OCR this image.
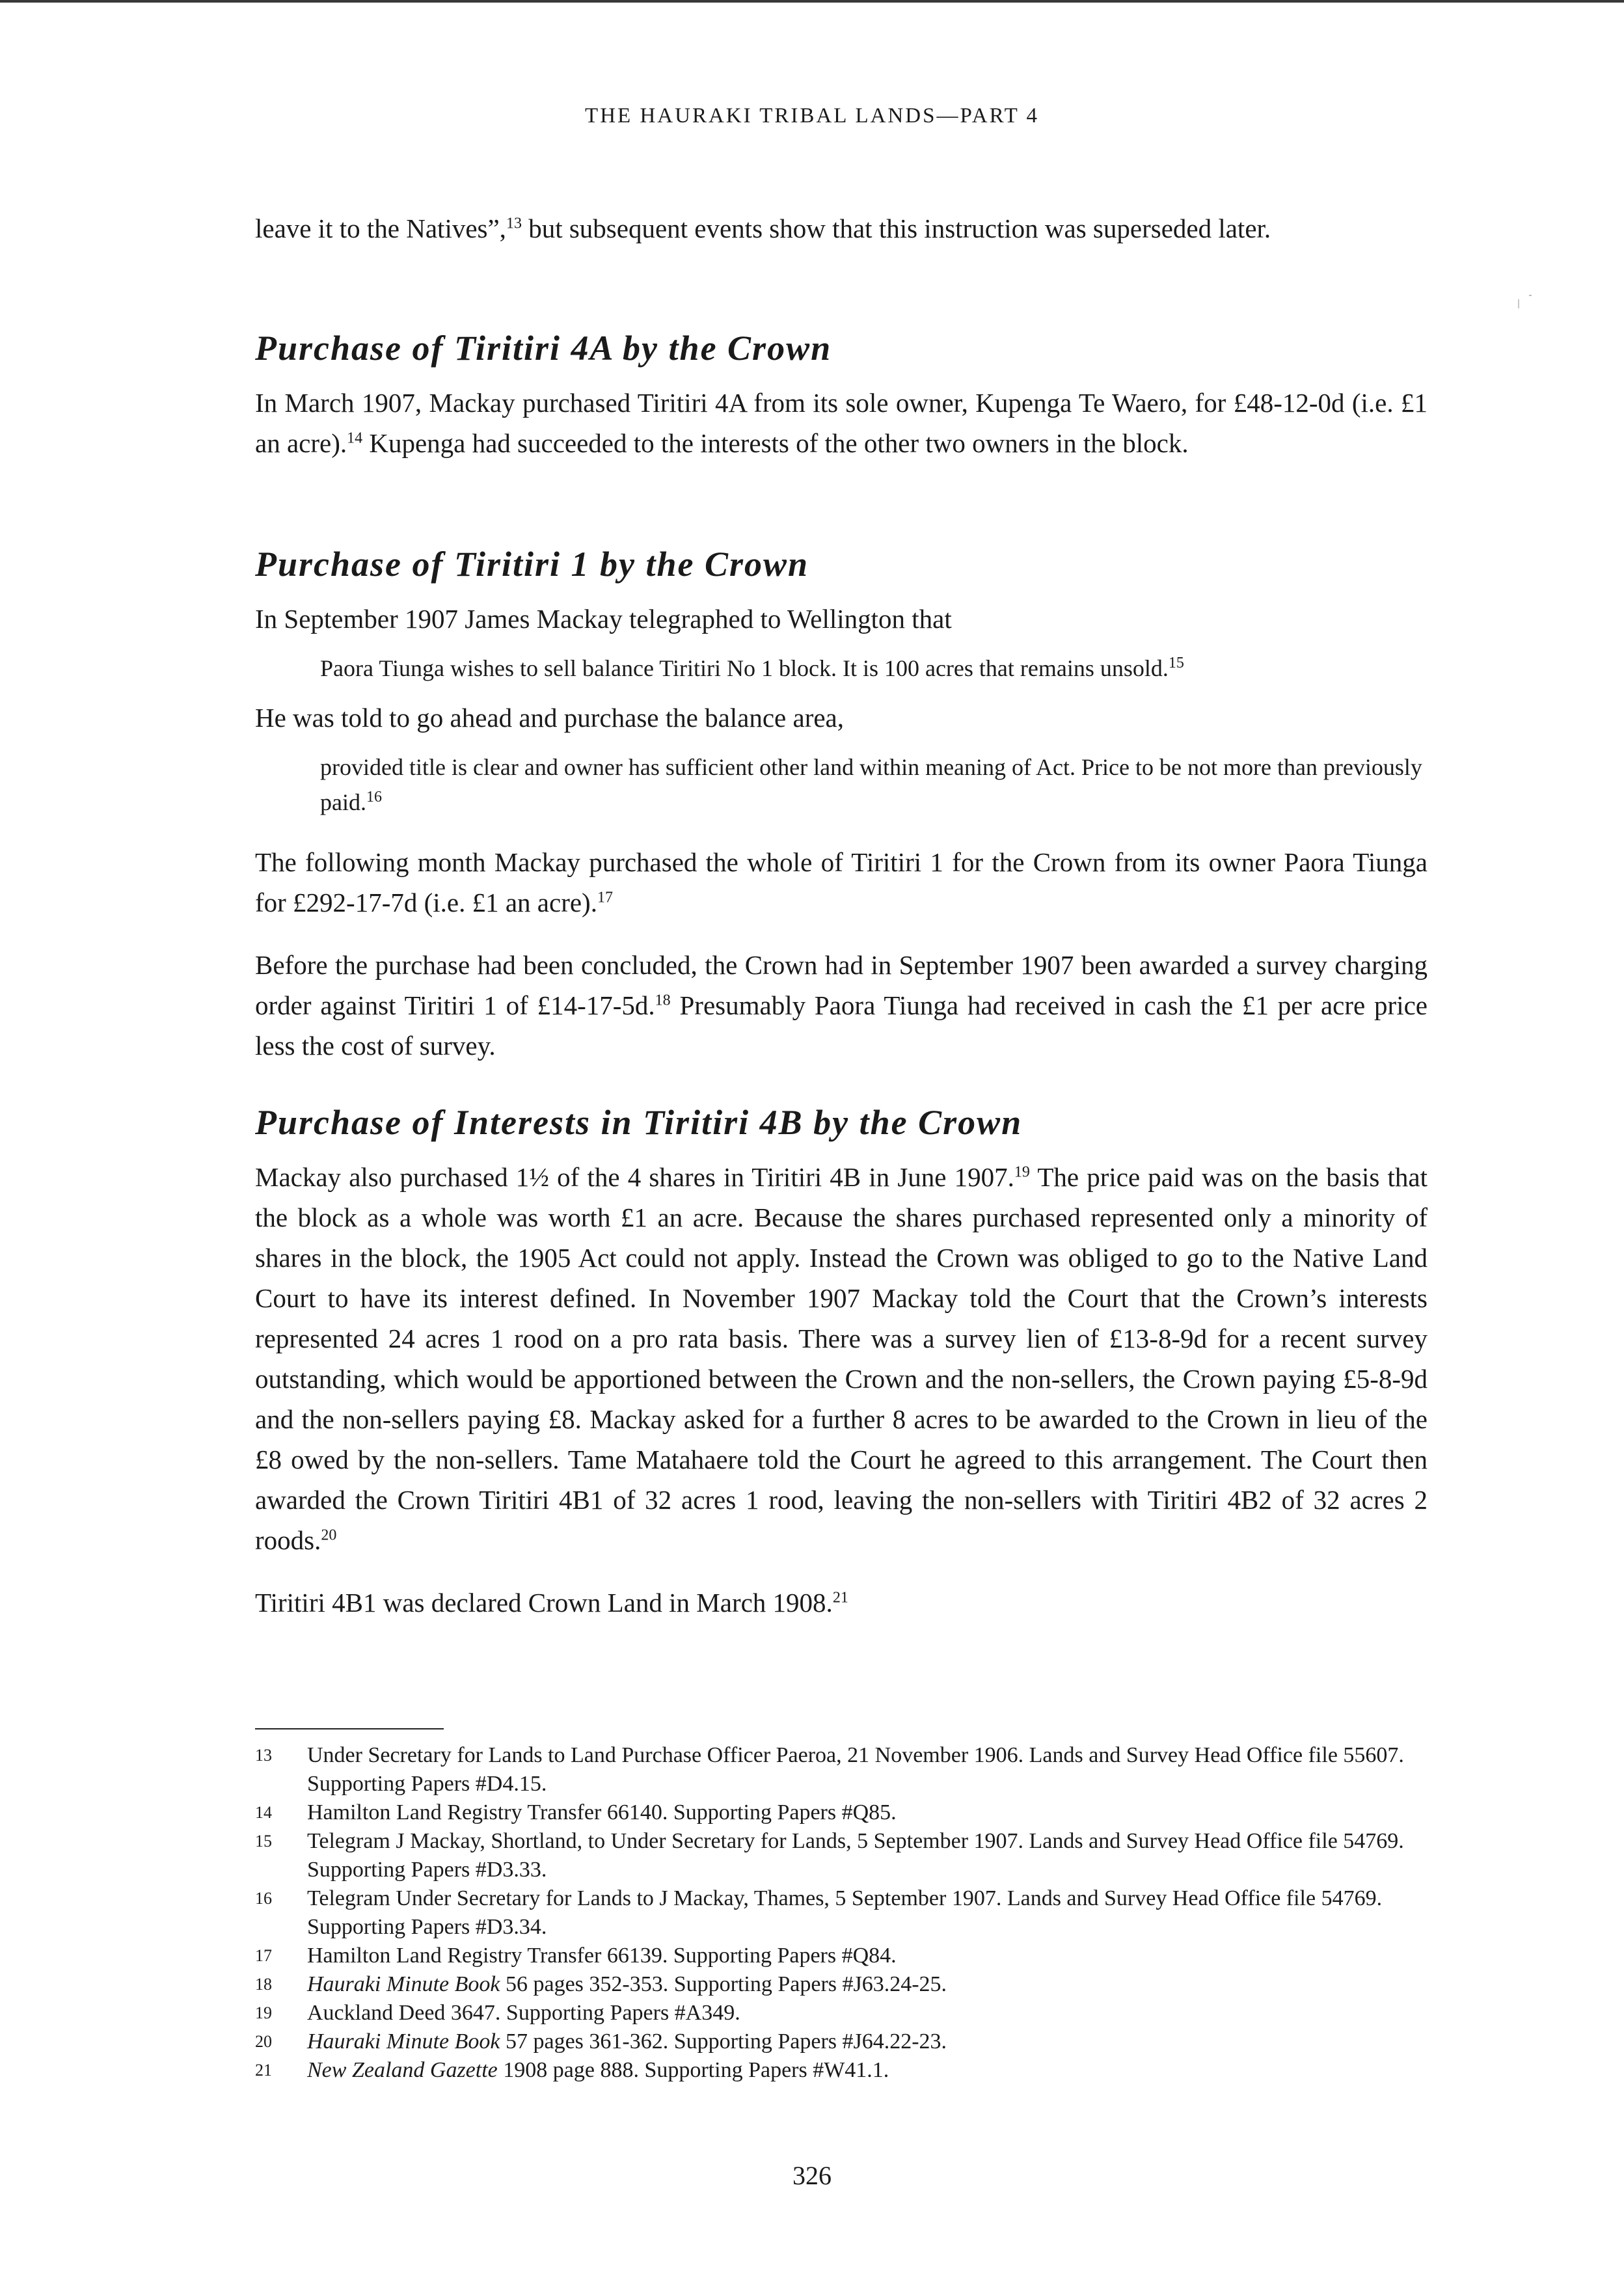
THE HAURAKI TRIBAL LANDS—PART 4

leave it to the Natives”,$^{13}$ but subsequent events show that this instruction was superseded later.

Purchase of Tiritiri 4A by the Crown

In March 1907, Mackay purchased Tiritiri 4A from its sole owner, Kupenga Te Waero, for £48-12-0d (i.e. £1 an acre).$^{14}$ Kupenga had succeeded to the interests of the other two owners in the block.

Purchase of Tiritiri 1 by the Crown
In September 1907 James Mackay telegraphed to Wellington that
Paora Tiunga wishes to sell balance Tiritiri No 1 block. It is 100 acres that remains unsold.$^{15}$
He was told to go ahead and purchase the balance area,
provided title is clear and owner has sufficient other land within meaning of Act. Price to be not more than previously paid.$^{16}$

The following month Mackay purchased the whole of Tiritiri 1 for the Crown from its owner Paora Tiunga for £292-17-7d (i.e. £1 an acre).$^{17}$

Before the purchase had been concluded, the Crown had in September 1907 been awarded a survey charging order against Tiritiri 1 of £14-17-5d.$^{18}$ Presumably Paora Tiunga had received in cash the £1 per acre price less the cost of survey.

Purchase of Interests in Tiritiri 4B by the Crown

Mackay also purchased 1½ of the 4 shares in Tiritiri 4B in June 1907.19 The price paid was on the basis that the block as a whole was worth £1 an acre. Because the shares purchased represented only a minority of shares in the block, the 1905 Act could not apply. Instead the Crown was obliged to go to the Native Land Court to have its interest defined. In November 1907 Mackay told the Court that the Crown’s interests represented 24 acres 1 rood on a pro rata basis. There was a survey lien of £13-8-9d for a recent survey outstanding, which would be apportioned between the Crown and the non-sellers, the Crown paying £5-8-9d and the non-sellers paying £8. Mackay asked for a further 8 acres to be awarded to the Crown in lieu of the £8 owed by the non-sellers. Tame Matahaere told the Court he agreed to this arrangement. The Court then awarded the Crown Tiritiri 4B1 of 32 acres 1 rood, leaving the non-sellers with Tiritiri 4B2 of 32 acres 2 roods.$^{20}$

Tiritiri 4B1 was declared Crown Land in March 1908.21

13	Under Secretary for Lands to Land Purchase Officer Paeroa, 21 November 1906. Lands and Survey Head Office file 55607. Supporting Papers #D4.15.
14	Hamilton Land Registry Transfer 66140. Supporting Papers #Q85.
15	Telegram J Mackay, Shortland, to Under Secretary for Lands, 5 September 1907. Lands and Survey Head Office file 54769. Supporting Papers #D3.33.
16	Telegram Under Secretary for Lands to J Mackay, Thames, 5 September 1907. Lands and Survey Head Office file 54769. Supporting Papers #D3.34.
17	Hamilton Land Registry Transfer 66139. Supporting Papers #Q84.
18	Hauraki Minute Book 56 pages 352-353. Supporting Papers #J63.24-25.
19	Auckland Deed 3647. Supporting Papers #A349.
20	Hauraki Minute Book 57 pages 361-362. Supporting Papers #J64.22-23.
21	New Zealand Gazette 1908 page 888. Supporting Papers #W41.1.
326
